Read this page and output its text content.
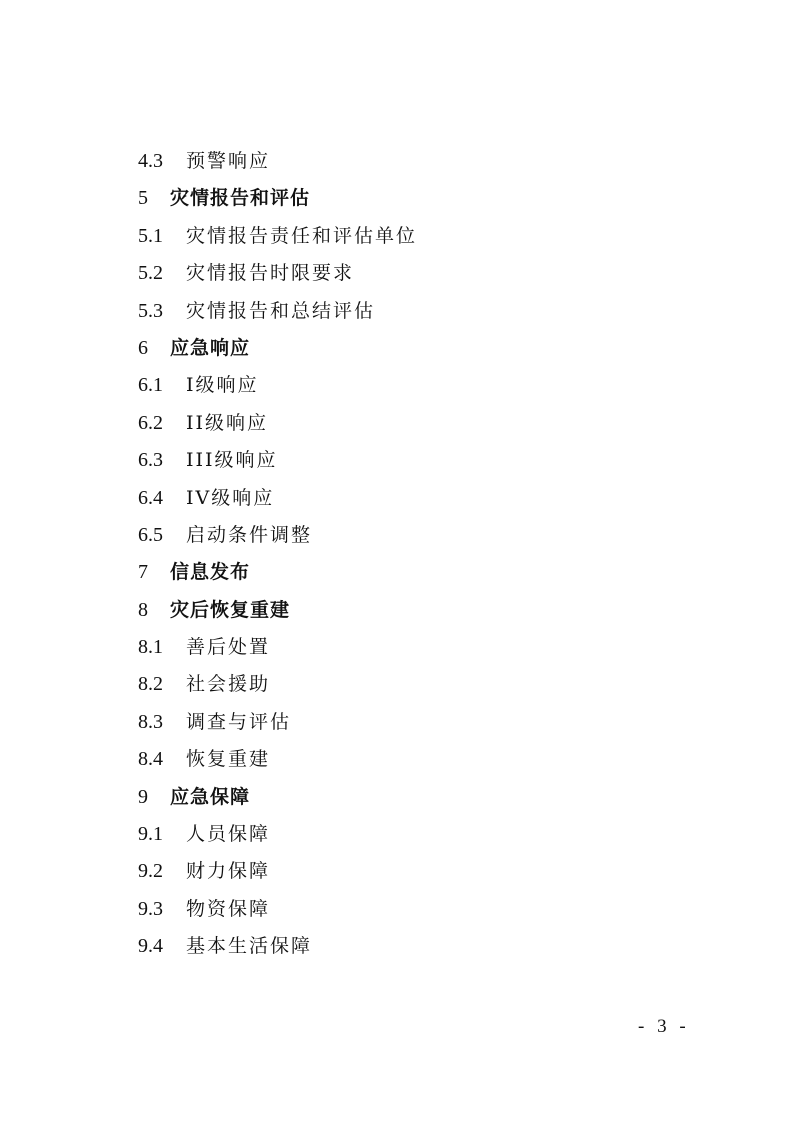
4.3 预警响应
5 灾情报告和评估
5.1 灾情报告责任和评估单位
5.2 灾情报告时限要求
5.3 灾情报告和总结评估
6 应急响应
6.1 I级响应
6.2 II级响应
6.3 III级响应
6.4 IV级响应
6.5 启动条件调整
7 信息发布
8 灾后恢复重建
8.1 善后处置
8.2 社会援助
8.3 调查与评估
8.4 恢复重建
9 应急保障
9.1 人员保障
9.2 财力保障
9.3 物资保障
9.4 基本生活保障
- 3 -
